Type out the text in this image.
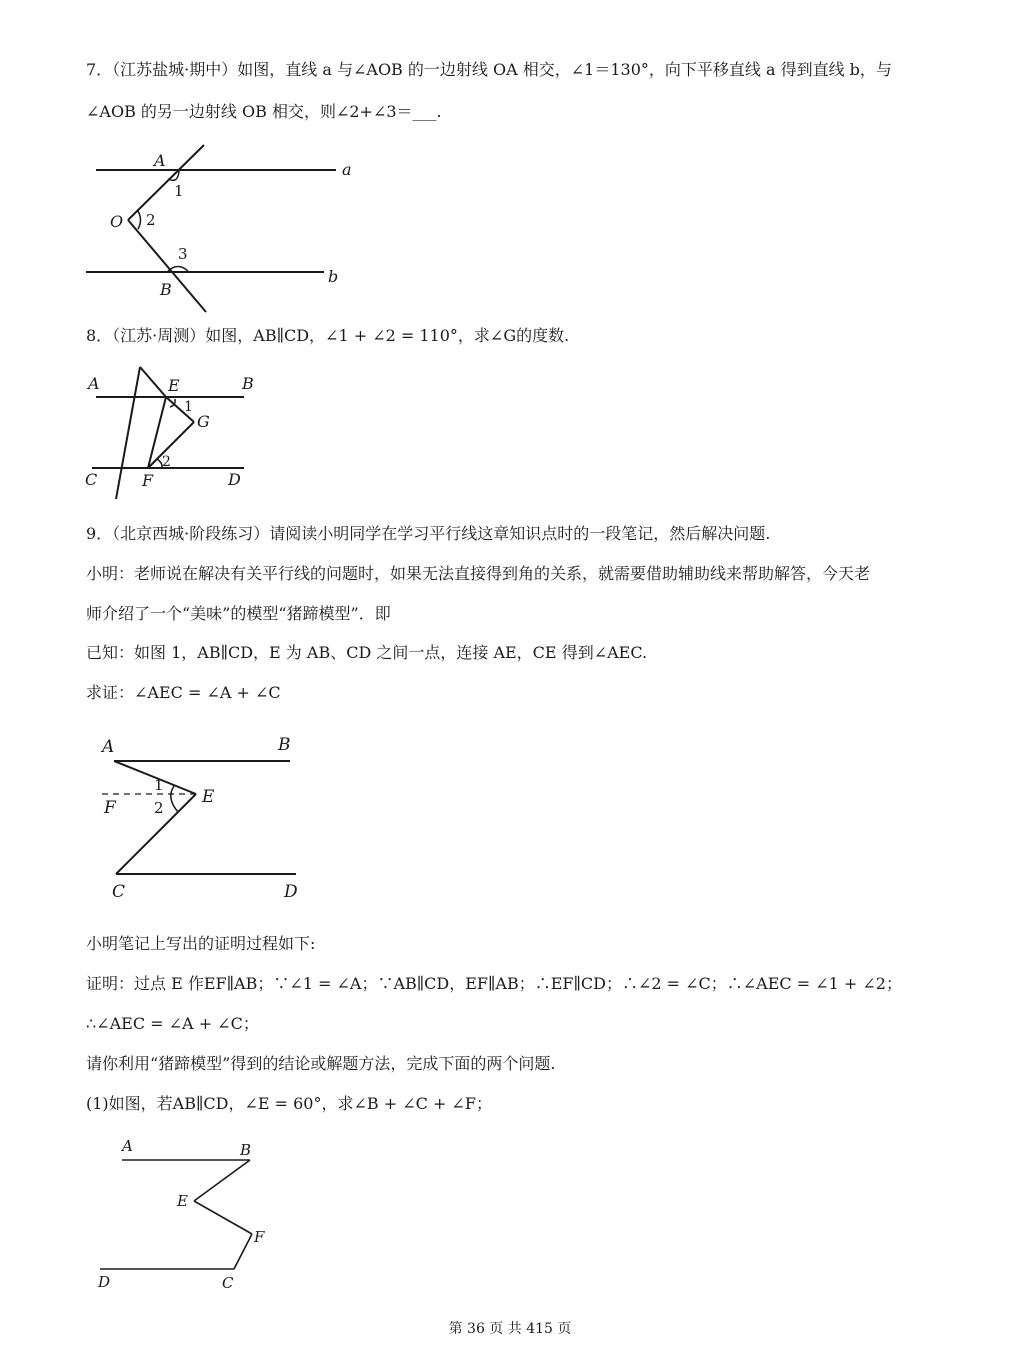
7．（江苏盐城·期中）如图，直线 a 与∠AOB 的一边射线 OA 相交，∠1＝130°，向下平移直线 a 得到直线 b，与
∠AOB 的另一边射线 OB 相交，则∠2+∠3＝___.
A
1
O 2
3
B
a
b
8．（江苏·周测）如图，AB∥CD，∠1 + ∠2 = 110°，求∠G的度数.
A	E	B
1
G
2
C	F	D
9．（北京西城·阶段练习）请阅读小明同学在学习平行线这章知识点时的一段笔记，然后解决问题.
小明：老师说在解决有关平行线的问题时，如果无法直接得到角的关系，就需要借助辅助线来帮助解答，今天老
师介绍了一个“美味”的模型“猪蹄模型”．即
已知：如图 1，AB∥CD，E 为 AB、CD 之间一点，连接 AE，CE 得到∠AEC.
求证：∠AEC = ∠A + ∠C
A	B
1
E
F	2
C	D
小明笔记上写出的证明过程如下:
证明：过点 E 作EF∥AB；∵∠1 = ∠A；∵AB∥CD，EF∥AB；∴EF∥CD；∴∠2 = ∠C；∴∠AEC = ∠1 + ∠2；
∴∠AEC = ∠A + ∠C；
请你利用“猪蹄模型”得到的结论或解题方法，完成下面的两个问题.
(1)如图，若AB∥CD，∠E = 60°，求∠B + ∠C + ∠F；
A	B
E
F
D	C
第 36 页 共 415 页
